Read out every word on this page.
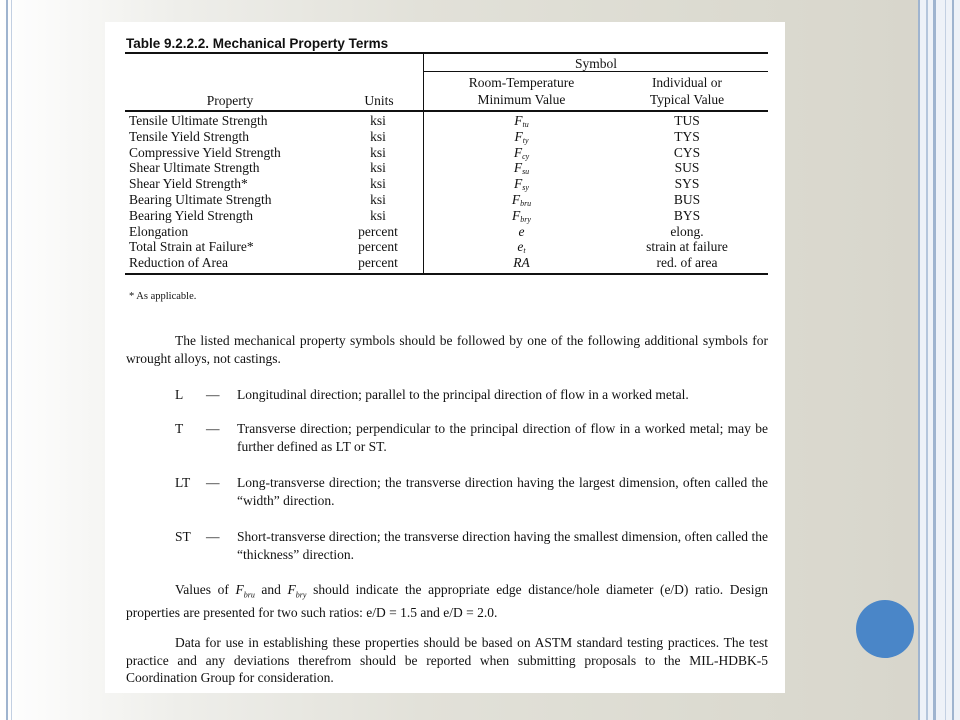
Table 9.2.2.2. Mechanical Property Terms
Symbol
Property	Units
Room-Temperature
Minimum Value
Individual or
Typical Value
Tensile Ultimate Strength	ksi	$F_{tu}$	TUS
Tensile Yield Strength	ksi	$F_{ty}$	TYS
Compressive Yield Strength	ksi	$F_{cy}$	CYS
Shear Ultimate Strength	ksi	$F_{su}$	SUS
Shear Yield Strength*	ksi	$F_{sy}$	SYS
Bearing Ultimate Strength	ksi	$F_{bru}$	BUS
Bearing Yield Strength	ksi	$F_{bry}$	BYS
Elongation	percent	e	elong.
Total Strain at Failure*	percent	$e_t$	strain at failure
Reduction of Area	percent	RA	red. of area
* As applicable.

The listed mechanical property symbols should be followed by one of the following additional symbols for wrought alloys, not castings.

L — Longitudinal direction; parallel to the principal direction of flow in a worked metal.
T — Transverse direction; perpendicular to the principal direction of flow in a worked metal; may be further defined as LT or ST.
LT — Long-transverse direction; the transverse direction having the largest dimension, often called the “width” direction.
ST — Short-transverse direction; the transverse direction having the smallest dimension, often called the “thickness” direction.

Values of $F_{bru}$ and $F_{bry}$ should indicate the appropriate edge distance/hole diameter (e/D) ratio. Design properties are presented for two such ratios: e/D = 1.5 and e/D = 2.0.

Data for use in establishing these properties should be based on ASTM standard testing practices. The test practice and any deviations therefrom should be reported when submitting proposals to the MIL-HDBK-5 Coordination Group for consideration.
